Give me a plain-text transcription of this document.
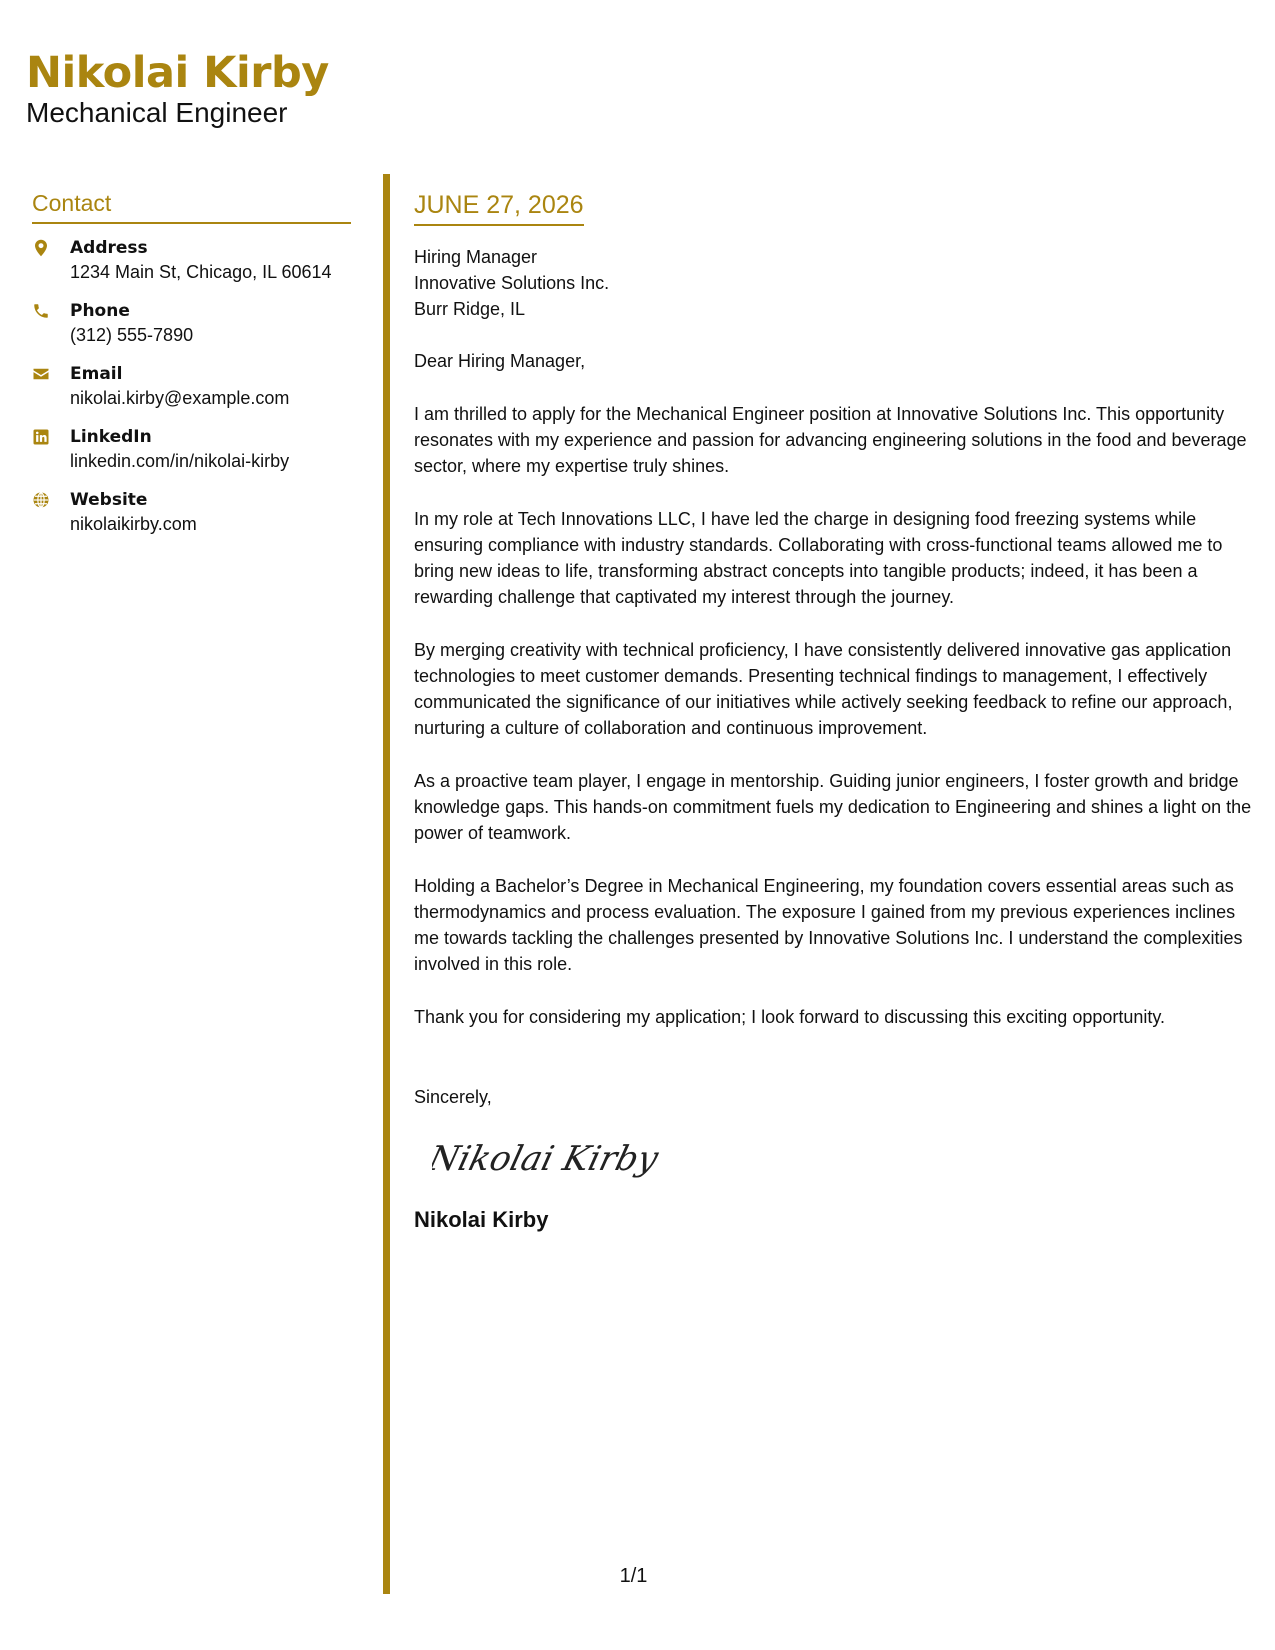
Nikolai Kirby
Mechanical Engineer
Contact
Address
1234 Main St, Chicago, IL 60614
Phone
(312) 555-7890
Email
nikolai.kirby@example.com
LinkedIn
linkedin.com/in/nikolai-kirby
Website
nikolaikirby.com
JUNE 27, 2026
Hiring Manager
Innovative Solutions Inc.
Burr Ridge, IL

Dear Hiring Manager,

I am thrilled to apply for the Mechanical Engineer position at Innovative Solutions Inc. This opportunity resonates with my experience and passion for advancing engineering solutions in the food and beverage sector, where my expertise truly shines.

In my role at Tech Innovations LLC, I have led the charge in designing food freezing systems while ensuring compliance with industry standards. Collaborating with cross-functional teams allowed me to bring new ideas to life, transforming abstract concepts into tangible products; indeed, it has been a rewarding challenge that captivated my interest through the journey.

By merging creativity with technical proficiency, I have consistently delivered innovative gas application technologies to meet customer demands. Presenting technical findings to management, I effectively communicated the significance of our initiatives while actively seeking feedback to refine our approach, nurturing a culture of collaboration and continuous improvement.

As a proactive team player, I engage in mentorship. Guiding junior engineers, I foster growth and bridge knowledge gaps. This hands-on commitment fuels my dedication to Engineering and shines a light on the power of teamwork.

Holding a Bachelor’s Degree in Mechanical Engineering, my foundation covers essential areas such as thermodynamics and process evaluation. The exposure I gained from my previous experiences inclines me towards tackling the challenges presented by Innovative Solutions Inc. I understand the complexities involved in this role.

Thank you for considering my application; I look forward to discussing this exciting opportunity.

Sincerely,
Nikolai Kirby
Nikolai Kirby
1/1
